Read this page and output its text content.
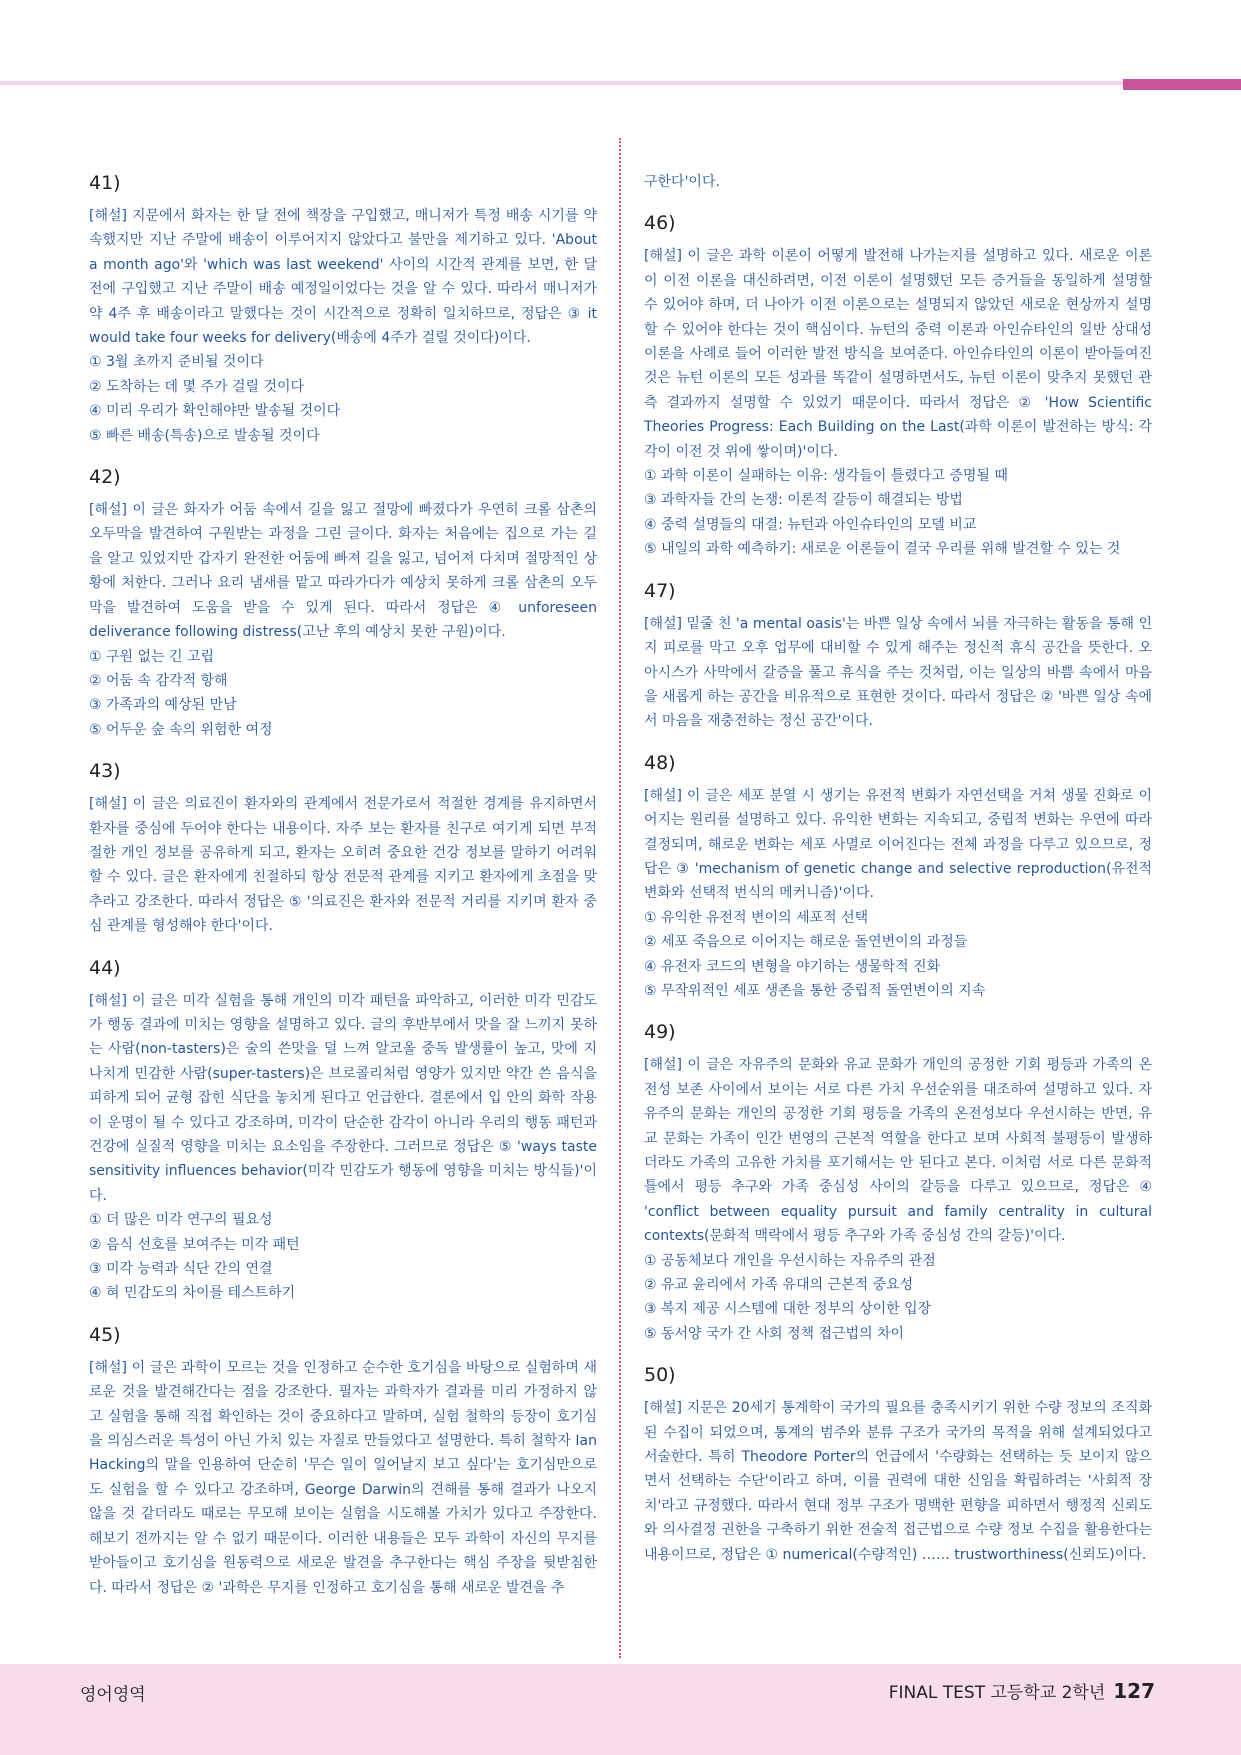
41)

[해설] 지문에서 화자는 한 달 전에 책장을 구입했고, 매니저가 특정 배송 시기를 약속했지만 지난 주말에 배송이 이루어지지 않았다고 불만을 제기하고 있다. 'About a month ago'와 'which was last weekend' 사이의 시간적 관계를 보면, 한 달 전에 구입했고 지난 주말이 배송 예정일이었다는 것을 알 수 있다. 따라서 매니저가 약 4주 후 배송이라고 말했다는 것이 시간적으로 정확히 일치하므로, 정답은 ③ it would take four weeks for delivery(배송에 4주가 걸릴 것이다)이다.

① 3월 초까지 준비될 것이다

② 도착하는 데 몇 주가 걸릴 것이다

④ 미리 우리가 확인해야만 발송될 것이다

⑤ 빠른 배송(특송)으로 발송될 것이다

42)

[해설] 이 글은 화자가 어둠 속에서 길을 잃고 절망에 빠졌다가 우연히 크롤 삼촌의 오두막을 발견하여 구원받는 과정을 그린 글이다. 화자는 처음에는 집으로 가는 길을 알고 있었지만 갑자기 완전한 어둠에 빠져 길을 잃고, 넘어져 다치며 절망적인 상황에 처한다. 그러나 요리 냄새를 맡고 따라가다가 예상치 못하게 크롤 삼촌의 오두막을 발견하여 도움을 받을 수 있게 된다. 따라서 정답은 ④ unforeseen deliverance following distress(고난 후의 예상치 못한 구원)이다.

① 구원 없는 긴 고립

② 어둠 속 감각적 항해

③ 가족과의 예상된 만남

⑤ 어두운 숲 속의 위험한 여정

43)

[해설] 이 글은 의료진이 환자와의 관계에서 전문가로서 적절한 경계를 유지하면서 환자를 중심에 두어야 한다는 내용이다. 자주 보는 환자를 친구로 여기게 되면 부적절한 개인 정보를 공유하게 되고, 환자는 오히려 중요한 건강 정보를 말하기 어려워할 수 있다. 글은 환자에게 친절하되 항상 전문적 관계를 지키고 환자에게 초점을 맞추라고 강조한다. 따라서 정답은 ⑤ '의료진은 환자와 전문적 거리를 지키며 환자 중심 관계를 형성해야 한다'이다.

44)

[해설] 이 글은 미각 실험을 통해 개인의 미각 패턴을 파악하고, 이러한 미각 민감도가 행동 결과에 미치는 영향을 설명하고 있다. 글의 후반부에서 맛을 잘 느끼지 못하는 사람(non-tasters)은 술의 쓴맛을 덜 느껴 알코올 중독 발생률이 높고, 맛에 지나치게 민감한 사람(super-tasters)은 브로콜리처럼 영양가 있지만 약간 쓴 음식을 피하게 되어 균형 잡힌 식단을 놓치게 된다고 언급한다. 결론에서 입 안의 화학 작용이 운명이 될 수 있다고 강조하며, 미각이 단순한 감각이 아니라 우리의 행동 패턴과 건강에 실질적 영향을 미치는 요소임을 주장한다. 그러므로 정답은 ⑤ 'ways taste sensitivity influences behavior(미각 민감도가 행동에 영향을 미치는 방식들)'이다.

① 더 많은 미각 연구의 필요성

② 음식 선호를 보여주는 미각 패턴

③ 미각 능력과 식단 간의 연결

④ 혀 민감도의 차이를 테스트하기

45)

[해설] 이 글은 과학이 모르는 것을 인정하고 순수한 호기심을 바탕으로 실험하며 새로운 것을 발견해간다는 점을 강조한다. 필자는 과학자가 결과를 미리 가정하지 않고 실험을 통해 직접 확인하는 것이 중요하다고 말하며, 실험 철학의 등장이 호기심을 의심스러운 특성이 아닌 가치 있는 자질로 만들었다고 설명한다. 특히 철학자 Ian Hacking의 말을 인용하여 단순히 '무슨 일이 일어날지 보고 싶다'는 호기심만으로도 실험을 할 수 있다고 강조하며, George Darwin의 견해를 통해 결과가 나오지 않을 것 같더라도 때로는 무모해 보이는 실험을 시도해볼 가치가 있다고 주장한다. 해보기 전까지는 알 수 없기 때문이다. 이러한 내용들은 모두 과학이 자신의 무지를 받아들이고 호기심을 원동력으로 새로운 발견을 추구한다는 핵심 주장을 뒷받침한다. 따라서 정답은 ② '과학은 무지를 인정하고 호기심을 통해 새로운 발견을 추

구한다'이다.

46)

[해설] 이 글은 과학 이론이 어떻게 발전해 나가는지를 설명하고 있다. 새로운 이론이 이전 이론을 대신하려면, 이전 이론이 설명했던 모든 증거들을 동일하게 설명할 수 있어야 하며, 더 나아가 이전 이론으로는 설명되지 않았던 새로운 현상까지 설명할 수 있어야 한다는 것이 핵심이다. 뉴턴의 중력 이론과 아인슈타인의 일반 상대성 이론을 사례로 들어 이러한 발전 방식을 보여준다. 아인슈타인의 이론이 받아들여진 것은 뉴턴 이론의 모든 성과를 똑같이 설명하면서도, 뉴턴 이론이 맞추지 못했던 관측 결과까지 설명할 수 있었기 때문이다. 따라서 정답은 ② 'How Scientific Theories Progress: Each Building on the Last(과학 이론이 발전하는 방식: 각각이 이전 것 위에 쌓이며)'이다.

① 과학 이론이 실패하는 이유: 생각들이 틀렸다고 증명될 때

③ 과학자들 간의 논쟁: 이론적 갈등이 해결되는 방법

④ 중력 설명들의 대결: 뉴턴과 아인슈타인의 모델 비교

⑤ 내일의 과학 예측하기: 새로운 이론들이 결국 우리를 위해 발견할 수 있는 것

47)

[해설] 밑줄 친 'a mental oasis'는 바쁜 일상 속에서 뇌를 자극하는 활동을 통해 인지 피로를 막고 오후 업무에 대비할 수 있게 해주는 정신적 휴식 공간을 뜻한다. 오아시스가 사막에서 갈증을 풀고 휴식을 주는 것처럼, 이는 일상의 바쁨 속에서 마음을 새롭게 하는 공간을 비유적으로 표현한 것이다. 따라서 정답은 ② '바쁜 일상 속에서 마음을 재충전하는 정신 공간'이다.

48)

[해설] 이 글은 세포 분열 시 생기는 유전적 변화가 자연선택을 거쳐 생물 진화로 이어지는 원리를 설명하고 있다. 유익한 변화는 지속되고, 중립적 변화는 우연에 따라 결정되며, 해로운 변화는 세포 사멸로 이어진다는 전체 과정을 다루고 있으므로, 정답은 ③ 'mechanism of genetic change and selective reproduction(유전적 변화와 선택적 번식의 메커니즘)'이다.

① 유익한 유전적 변이의 세포적 선택

② 세포 죽음으로 이어지는 해로운 돌연변이의 과정들

④ 유전자 코드의 변형을 야기하는 생물학적 진화

⑤ 무작위적인 세포 생존을 통한 중립적 돌연변이의 지속

49)

[해설] 이 글은 자유주의 문화와 유교 문화가 개인의 공정한 기회 평등과 가족의 온전성 보존 사이에서 보이는 서로 다른 가치 우선순위를 대조하여 설명하고 있다. 자유주의 문화는 개인의 공정한 기회 평등을 가족의 온전성보다 우선시하는 반면, 유교 문화는 가족이 인간 번영의 근본적 역할을 한다고 보며 사회적 불평등이 발생하더라도 가족의 고유한 가치를 포기해서는 안 된다고 본다. 이처럼 서로 다른 문화적 틀에서 평등 추구와 가족 중심성 사이의 갈등을 다루고 있으므로, 정답은 ④ 'conflict between equality pursuit and family centrality in cultural contexts(문화적 맥락에서 평등 추구와 가족 중심성 간의 갈등)'이다.

① 공동체보다 개인을 우선시하는 자유주의 관점

② 유교 윤리에서 가족 유대의 근본적 중요성

③ 복지 제공 시스템에 대한 정부의 상이한 입장

⑤ 동서양 국가 간 사회 정책 접근법의 차이

50)

[해설] 지문은 20세기 통계학이 국가의 필요를 충족시키기 위한 수량 정보의 조직화된 수집이 되었으며, 통계의 범주와 분류 구조가 국가의 목적을 위해 설계되었다고 서술한다. 특히 Theodore Porter의 언급에서 '수량화는 선택하는 듯 보이지 않으면서 선택하는 수단'이라고 하며, 이를 권력에 대한 신임을 확립하려는 '사회적 장치'라고 규정했다. 따라서 현대 정부 구조가 명백한 편향을 피하면서 행정적 신뢰도와 의사결정 권한을 구축하기 위한 전술적 접근법으로 수량 정보 수집을 활용한다는 내용이므로, 정답은 ① numerical(수량적인) …… trustworthiness(신뢰도)이다.

영어영역	FINAL TEST 고등학교 2학년 127
